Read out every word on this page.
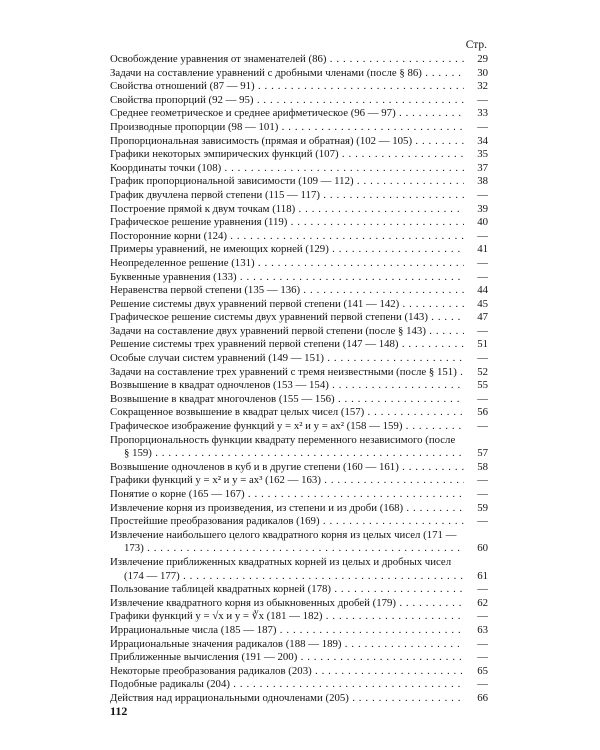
Стр.
Освобождение уравнения от знаменателей (86) . . .	29
Задачи на составление уравнений с дробными членами (после § 86) . . .	30
Свойства отношений (87 — 91) . . .	32
Свойства пропорций (92 — 95) . . .	—
Среднее геометрическое и среднее арифметическое (96 — 97) . . .	33
Производные пропорции (98 — 101) . . .	—
Пропорциональная зависимость (прямая и обратная) (102 — 105) . . .	34
Графики некоторых эмпирических функций (107) . . .	35
Координаты точки (108) . . .	37
График пропорциональной зависимости (109 — 112) . . .	38
График двучлена первой степени (115 — 117) . . .	—
Построение прямой к двум точкам (118) . . .	39
Графическое решение уравнения (119) . . .	40
Посторонние корни (124) . . .	—
Примеры уравнений, не имеющих корней (129) . . .	41
Неопределенное решение (131) . . .	—
Буквенные уравнения (133) . . .	—
Неравенства первой степени (135 — 136) . . .	44
Решение системы двух уравнений первой степени (141 — 142) . . .	45
Графическое решение системы двух уравнений первой степени (143) . . .	47
Задачи на составление двух уравнений первой степени (после § 143) . . .	—
Решение системы трех уравнений первой степени (147 — 148) . . .	51
Особые случаи систем уравнений (149 — 151) . . .	—
Задачи на составление трех уравнений с тремя неизвестными (после § 151) . . .	52
Возвышение в квадрат одночленов (153 — 154) . . .	55
Возвышение в квадрат многочленов (155 — 156) . . .	—
Сокращенное возвышение в квадрат целых чисел (157) . . .	56
Графическое изображение функций y = x² и y = ax² (158 — 159) . . .	—
Пропорциональность функции квадрату переменного независимого (после
§ 159) . . .	57
Возвышение одночленов в куб и в другие степени (160 — 161) . . .	58
Графики функций y = x² и y = ax³ (162 — 163) . . .	—
Понятие о корне (165 — 167) . . .	—
Извлечение корня из произведения, из степени и из дроби (168) . . .	59
Простейшие преобразования радикалов (169) . . .	—
Извлечение наибольшего целого квадратного корня из целых чисел (171 —
173) . . .	60
Извлечение приближенных квадратных корней из целых и дробных чисел
(174 — 177) . . .	61
Пользование таблицей квадратных корней (178) . . .	—
Извлечение квадратного корня из обыкновенных дробей (179) . . .	62
Графики функций y = √x и y = ∛x (181 — 182) . . .	—
Иррациональные числа (185 — 187) . . .	63
Иррациональные значения радикалов (188 — 189) . . .	—
Приближенные вычисления (191 — 200) . . .	—
Некоторые преобразования радикалов (203) . . .	65
Подобные радикалы (204) . . .	—
Действия над иррациональными одночленами (205) . . .	66
112
